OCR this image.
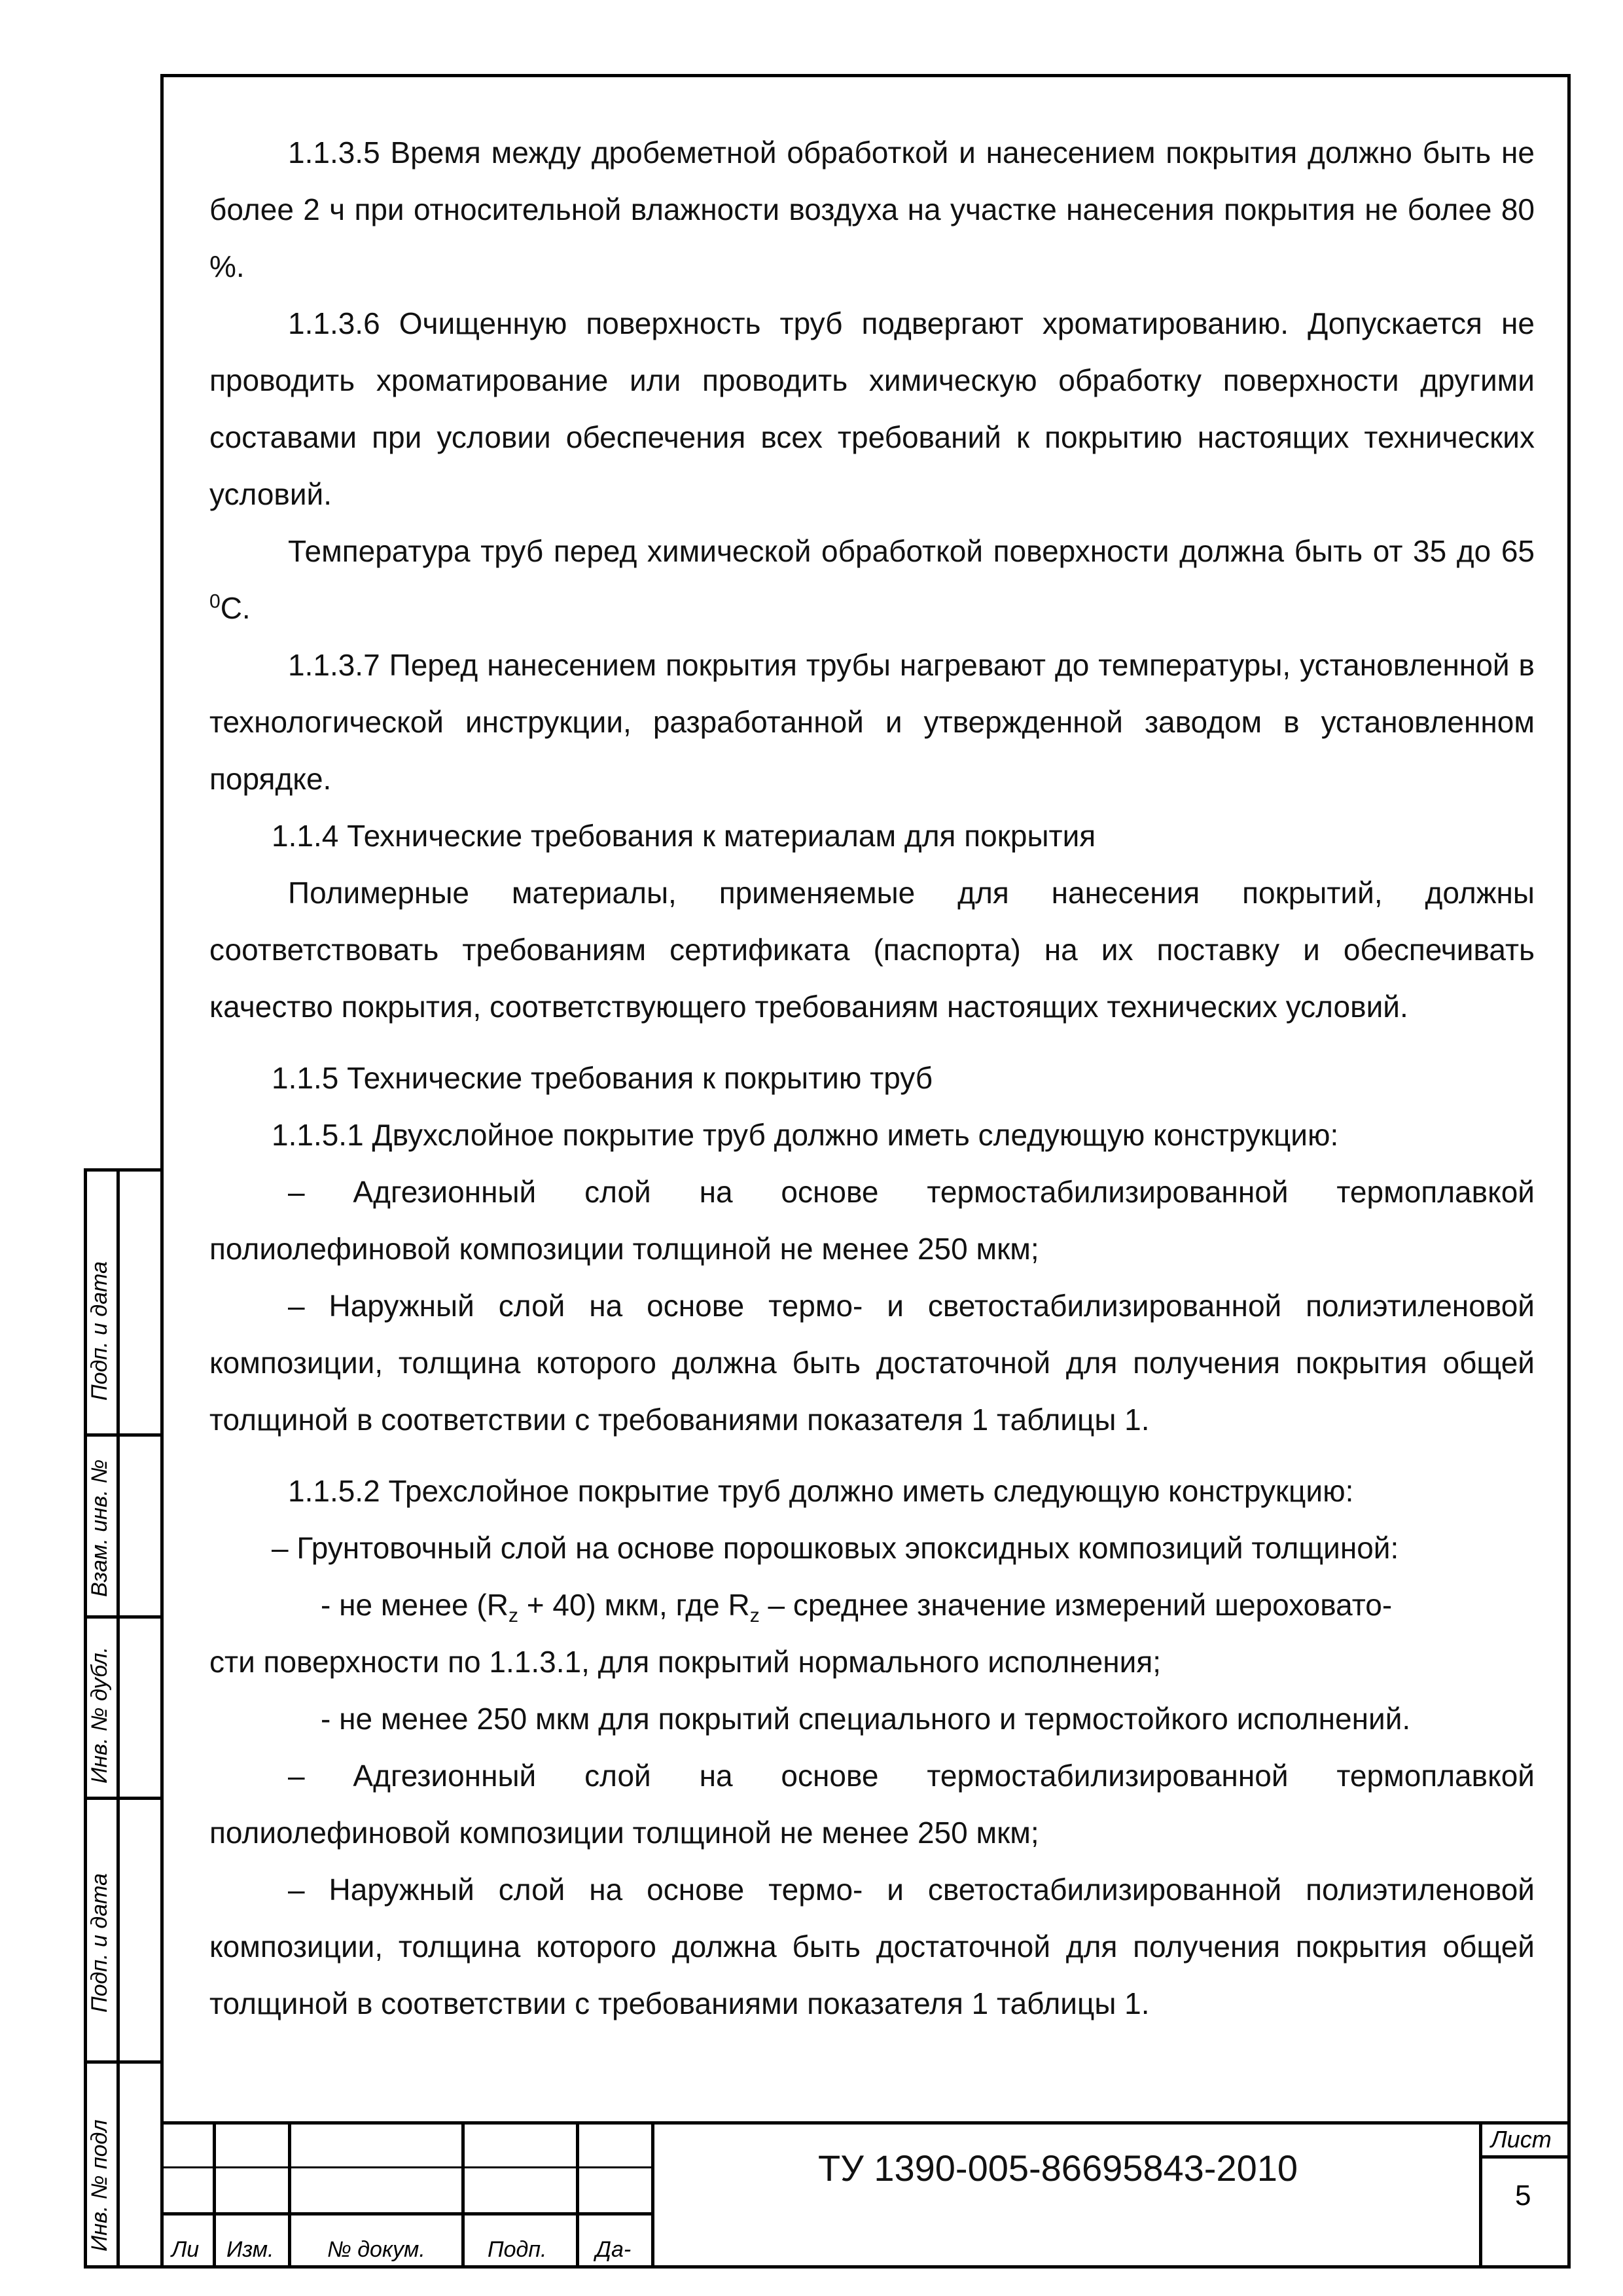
1.1.3.5 Время между дробеметной обработкой и нанесением покрытия должно быть не более 2 ч при относительной влажности воздуха на участке нанесения покрытия не более 80 %.

1.1.3.6 Очищенную поверхность труб подвергают хроматированию. Допускается не проводить хроматирование или проводить химическую обработку поверхности другими составами при условии обеспечения всех требований к покрытию настоящих технических условий.

Температура труб перед химической обработкой поверхности должна быть от 35 до 65 $^0$С.

1.1.3.7 Перед нанесением покрытия трубы нагревают до температуры, установленной в технологической инструкции, разработанной и утвержденной заводом в установленном порядке.

1.1.4 Технические требования к материалам для покрытия

Полимерные материалы, применяемые для нанесения покрытий, должны соответствовать требованиям сертификата (паспорта) на их поставку и обеспечивать качество покрытия, соответствующего требованиям настоящих технических условий.

1.1.5 Технические требования к покрытию труб

1.1.5.1 Двухслойное покрытие труб должно иметь следующую конструкцию:

– Адгезионный слой на основе термостабилизированной термоплавкой полиолефиновой композиции толщиной не менее 250 мкм;

– Наружный слой на основе термо- и светостабилизированной полиэтиленовой композиции, толщина которого должна быть достаточной для получения покрытия общей толщиной в соответствии с требованиями показателя 1 таблицы 1.

1.1.5.2 Трехслойное покрытие труб должно иметь следующую конструкцию:

– Грунтовочный слой на основе порошковых эпоксидных композиций толщиной:

- не менее $(R_z + 40)$ мкм, где $R_z$ – среднее значение измерений шероховато-

сти поверхности по 1.1.3.1, для покрытий нормального исполнения;

- не менее 250 мкм для покрытий специального и термостойкого исполнений.

– Адгезионный слой на основе термостабилизированной термоплавкой полиолефиновой композиции толщиной не менее 250 мкм;

– Наружный слой на основе термо- и светостабилизированной полиэтиленовой композиции, толщина которого должна быть достаточной для получения покрытия общей толщиной в соответствии с требованиями показателя 1 таблицы 1.

Подп. и дата
Взам. инв. №
Инв. № дубл.
Подп. и дата
Инв. № подл	Ли Изм. № докум.	Подп. Да-
ТУ 1390-005-86695843-2010
Лист
5
